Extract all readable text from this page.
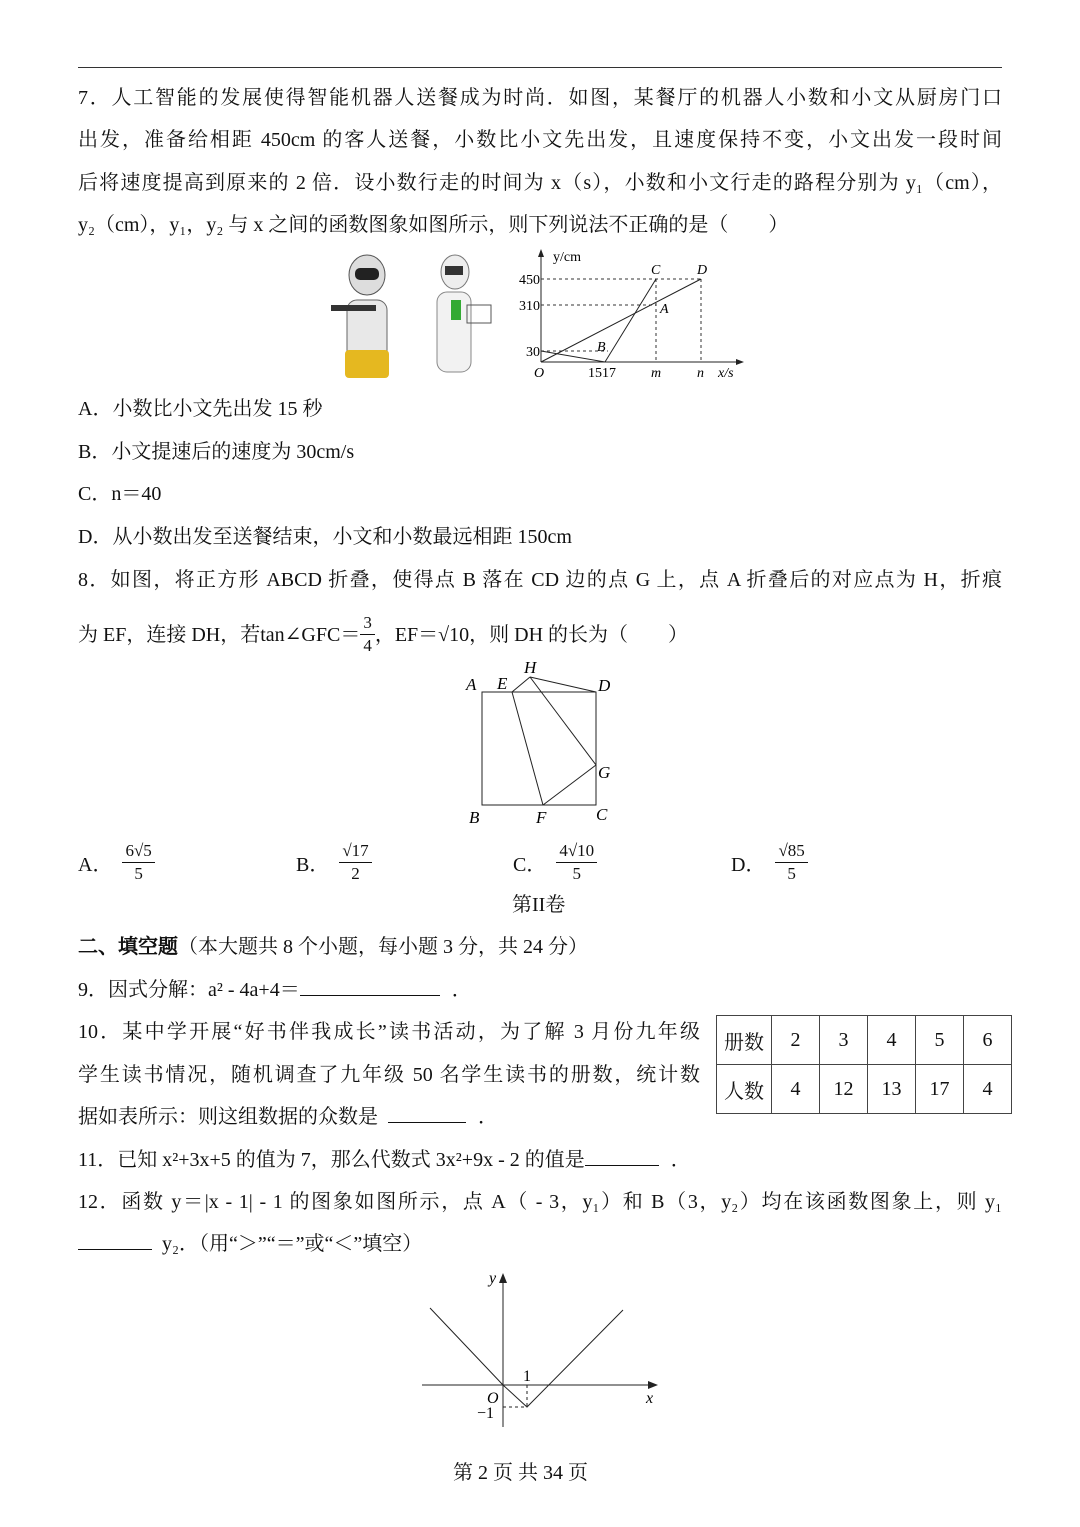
7．人工智能的发展使得智能机器人送餐成为时尚．如图，某餐厅的机器人小数和小文从厨房门口
出发，准备给相距 450cm 的客人送餐，小数比小文先出发，且速度保持不变，小文出发一段时间
后将速度提高到原来的 2 倍．设小数行走的时间为 x（s），小数和小文行走的路程分别为 y₁（cm），
y₂（cm），y₁，y₂ 与 x 之间的函数图象如图所示，则下列说法不正确的是（　　）
y/cm
450
310
30
O	1517	m	n x/s
A
B
C	D
A．小数比小文先出发 15 秒
B．小文提速后的速度为 30cm/s
C．n＝40
D．从小数出发至送餐结束，小文和小数最远相距 150cm
8．如图，将正方形 ABCD 折叠，使得点 B 落在 CD 边的点 G 上，点 A 折叠后的对应点为 H，折痕
为 EF，连接 DH，若tan∠GFC＝ $\frac{3}{4}$ ，EF＝√10，则 DH 的长为（　　）
A E
H
D
G
B	F	C
A． $\frac{6√5}{5}$	B． $\frac{√17}{2}$	C． $\frac{4√10}{5}$	D． $\frac{√85}{5}$
第II卷
二、填空题（本大题共 8 个小题，每小题 3 分，共 24 分）
9．因式分解：a² - 4a+4＝	．
10．某中学开展“好书伴我成长”读书活动，为了解 3 月份九年级
学生读书情况，随机调查了九年级 50 名学生读书的册数，统计数
据如表所示：则这组数据的众数是	．
册数	2	3	4	5	6
人数	4	12	13	17	4
11．已知 x²+3x+5 的值为 7，那么代数式 3x²+9x - 2 的值是	．
12．函数 y＝|x - 1| - 1 的图象如图所示，点 A（ - 3，y₁）和 B（3，y₂）均在该函数图象上，则 y₁
y₂．（用“＞”“＝”或“＜”填空）
y
x
O
1
−1
第 2 页 共 34 页
